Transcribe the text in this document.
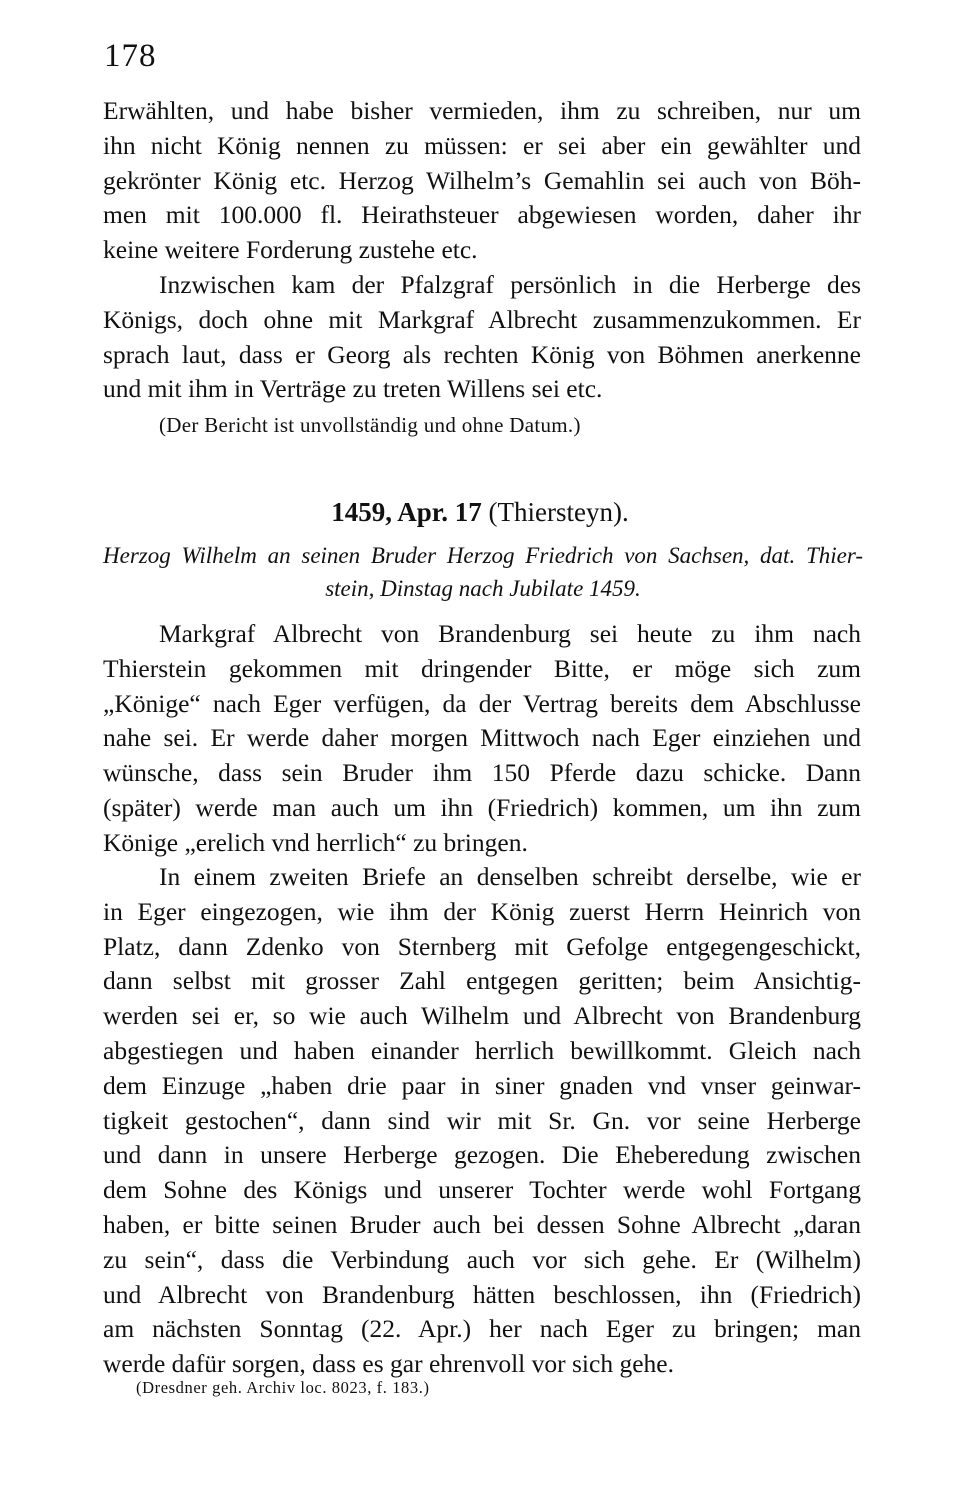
178
Erwählten, und habe bisher vermieden, ihm zu schreiben, nur um
ihn nicht König nennen zu müssen: er sei aber ein gewählter und
gekrönter König etc. Herzog Wilhelm’s Gemahlin sei auch von Böh-
men mit 100.000 fl. Heirathsteuer abgewiesen worden, daher ihr
keine weitere Forderung zustehe etc.
Inzwischen kam der Pfalzgraf persönlich in die Herberge des
Königs, doch ohne mit Markgraf Albrecht zusammenzukommen. Er
sprach laut, dass er Georg als rechten König von Böhmen anerkenne
und mit ihm in Verträge zu treten Willens sei etc.
(Der Bericht ist unvollständig und ohne Datum.)
1459, Apr. 17 (Thiersteyn).
Herzog Wilhelm an seinen Bruder Herzog Friedrich von Sachsen, dat. Thier-
stein, Dinstag nach Jubilate 1459.
Markgraf Albrecht von Brandenburg sei heute zu ihm nach
Thierstein gekommen mit dringender Bitte, er möge sich zum
„Könige“ nach Eger verfügen, da der Vertrag bereits dem Abschlusse
nahe sei. Er werde daher morgen Mittwoch nach Eger einziehen und
wünsche, dass sein Bruder ihm 150 Pferde dazu schicke. Dann
(später) werde man auch um ihn (Friedrich) kommen, um ihn zum
Könige „erelich vnd herrlich“ zu bringen.
In einem zweiten Briefe an denselben schreibt derselbe, wie er
in Eger eingezogen, wie ihm der König zuerst Herrn Heinrich von
Platz, dann Zdenko von Sternberg mit Gefolge entgegengeschickt,
dann selbst mit grosser Zahl entgegen geritten; beim Ansichtig-
werden sei er, so wie auch Wilhelm und Albrecht von Brandenburg
abgestiegen und haben einander herrlich bewillkommt. Gleich nach
dem Einzuge „haben drie paar in siner gnaden vnd vnser geinwar-
tigkeit gestochen“, dann sind wir mit Sr. Gn. vor seine Herberge
und dann in unsere Herberge gezogen. Die Eheberedung zwischen
dem Sohne des Königs und unserer Tochter werde wohl Fortgang
haben, er bitte seinen Bruder auch bei dessen Sohne Albrecht „daran
zu sein“, dass die Verbindung auch vor sich gehe. Er (Wilhelm)
und Albrecht von Brandenburg hätten beschlossen, ihn (Friedrich)
am nächsten Sonntag (22. Apr.) her nach Eger zu bringen; man
werde dafür sorgen, dass es gar ehrenvoll vor sich gehe.
(Dresdner geh. Archiv loc. 8023, f. 183.)
